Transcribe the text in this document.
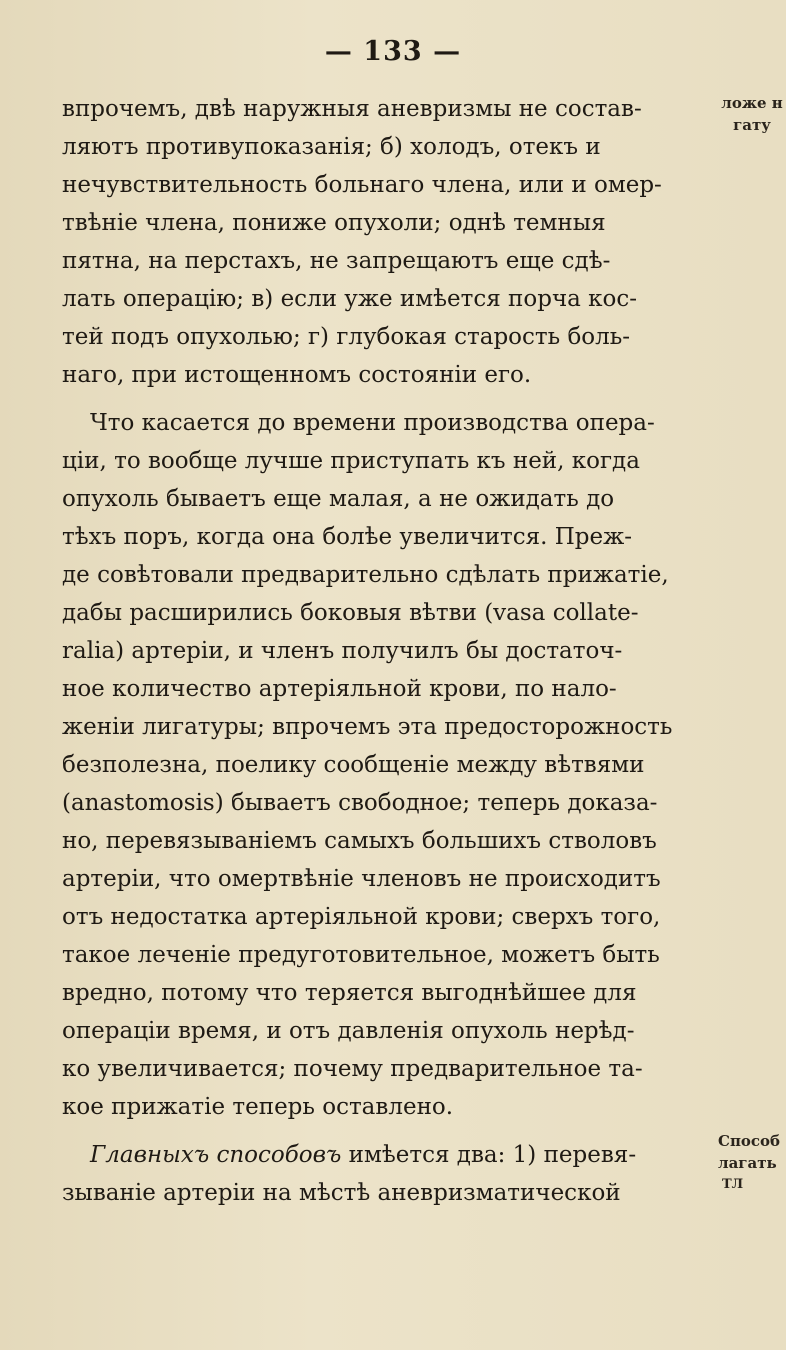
— 133 —
впрочемъ, двѣ наружныя аневризмы не состав-
ляютъ противупоказанія; б) холодъ, отекъ и
нечувствительность больнаго члена, или и омер-
твѣніе члена, пониже опухоли; однѣ темныя
пятна, на перстахъ, не запрещаютъ еще сдѣ-
лать операцію; в) если уже имѣется порча кос-
тей подъ опухолью; г) глубокая старость боль-
наго, при истощенномъ состояніи его.
Что касается до времени производства опера-
ціи, то вообще лучше приступать къ ней, когда
опухоль бываетъ еще малая, а не ожидать до
тѣхъ поръ, когда она болѣе увеличится. Преж-
де совѣтовали предварительно сдѣлать прижатіе,
дабы расширились боковыя вѣтви (vasa collate-
ralia) артеріи, и членъ получилъ бы достаточ-
ное количество артеріяльной крови, по нало-
женіи лигатуры; впрочемъ эта предосторожность
безполезна, поелику сообщеніе между вѣтвями
(anastomosis) бываетъ свободное; теперь доказа-
но, перевязываніемъ самыхъ большихъ стволовъ
артеріи, что омертвѣніе членовъ не происходитъ
отъ недостатка артеріяльной крови; сверхъ того,
такое леченіе предуготовительное, можетъ быть
вредно, потому что теряется выгоднѣйшее для
операціи время, и отъ давленія опухоль нерѣд-
ко увеличивается; почему предварительное та-
кое прижатіе теперь оставлено.
Главныхъ способовъ имѣется два: 1) перевя-
зываніе артеріи на мѣстѣ аневризматической
ложе н
гату
Способ
лагать
ТЛ
